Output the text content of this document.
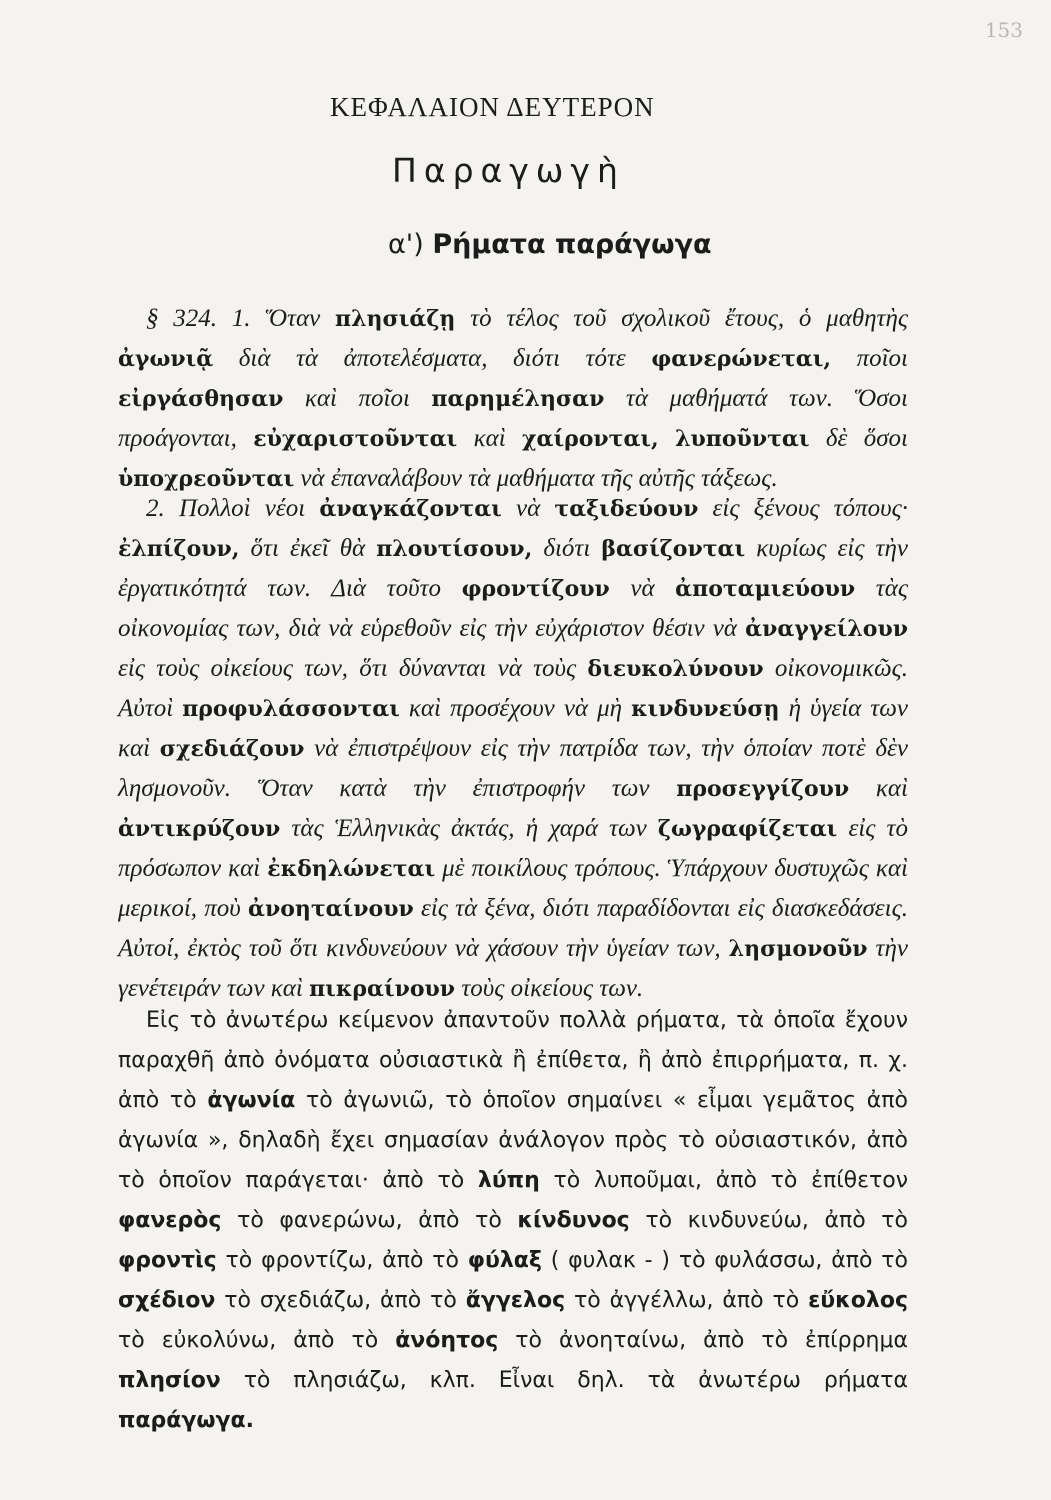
153
ΚΕΦΑΛΑΙΟΝ ΔΕΥΤΕΡΟΝ
Παραγωγὴ
α') Ρήματα παράγωγα

§ 324. 1. Ὅταν πλησιάζῃ τὸ τέλος τοῦ σχολικοῦ ἔτους, ὁ μαθητὴς ἀγωνιᾷ διὰ τὰ ἀποτελέσματα, διότι τότε φανερώνεται, ποῖοι εἰργάσθησαν καὶ ποῖοι παρημέλησαν τὰ μαθήματά των. Ὅσοι προάγονται, εὐχαριστοῦνται καὶ χαίρονται, λυποῦνται δὲ ὅσοι ὑποχρεοῦνται νὰ ἐπαναλάβουν τὰ μαθήματα τῆς αὐτῆς τάξεως.

2. Πολλοὶ νέοι ἀναγκάζονται νὰ ταξιδεύουν εἰς ξένους τόπους· ἐλπίζουν, ὅτι ἐκεῖ θὰ πλουτίσουν, διότι βασίζονται κυρίως εἰς τὴν ἐργατικότητά των. Διὰ τοῦτο φροντίζουν νὰ ἀποταμιεύουν τὰς οἰκονομίας των, διὰ νὰ εὑρεθοῦν εἰς τὴν εὐχάριστον θέσιν νὰ ἀναγγείλουν εἰς τοὺς οἰκείους των, ὅτι δύνανται νὰ τοὺς διευκολύνουν οἰκονομικῶς. Αὐτοὶ προφυλάσσονται καὶ προσέχουν νὰ μὴ κινδυνεύσῃ ἡ ὑγεία των καὶ σχεδιάζουν νὰ ἐπιστρέψουν εἰς τὴν πατρίδα των, τὴν ὁποίαν ποτὲ δὲν λησμονοῦν. Ὅταν κατὰ τὴν ἐπιστροφήν των προσεγγίζουν καὶ ἀντικρύζουν τὰς Ἑλληνικὰς ἀκτάς, ἡ χαρά των ζωγραφίζεται εἰς τὸ πρόσωπον καὶ ἐκδηλώνεται μὲ ποικίλους τρόπους. Ὑπάρχουν δυστυχῶς καὶ μερικοί, ποὺ ἀνοηταίνουν εἰς τὰ ξένα, διότι παραδίδονται εἰς διασκεδάσεις. Αὐτοί, ἐκτὸς τοῦ ὅτι κινδυνεύουν νὰ χάσουν τὴν ὑγείαν των, λησμονοῦν τὴν γενέτειράν των καὶ πικραίνουν τοὺς οἰκείους των.

Εἰς τὸ ἀνωτέρω κείμενον ἀπαντοῦν πολλὰ ρήματα, τὰ ὁποῖα ἔχουν παραχθῆ ἀπὸ ὀνόματα οὐσιαστικὰ ἢ ἐπίθετα, ἢ ἀπὸ ἐπιρρήματα, π. χ. ἀπὸ τὸ ἀγωνία τὸ ἀγωνιῶ, τὸ ὁποῖον σημαίνει « εἶμαι γεμᾶτος ἀπὸ ἀγωνία », δηλαδὴ ἔχει σημασίαν ἀνάλογον πρὸς τὸ οὐσιαστικόν, ἀπὸ τὸ ὁποῖον παράγεται· ἀπὸ τὸ λύπη τὸ λυποῦμαι, ἀπὸ τὸ ἐπίθετον φανερὸς τὸ φανερώνω, ἀπὸ τὸ κίνδυνος τὸ κινδυνεύω, ἀπὸ τὸ φροντὶς τὸ φροντίζω, ἀπὸ τὸ φύλαξ ( φυλακ - ) τὸ φυλάσσω, ἀπὸ τὸ σχέδιον τὸ σχεδιάζω, ἀπὸ τὸ ἄγγελος τὸ ἀγγέλλω, ἀπὸ τὸ εὔκολος τὸ εὐκολύνω, ἀπὸ τὸ ἀνόητος τὸ ἀνοηταίνω, ἀπὸ τὸ ἐπίρρημα πλησίον τὸ πλησιάζω, κλπ. Εἶναι δηλ. τὰ ἀνωτέρω ρήματα παράγωγα.
